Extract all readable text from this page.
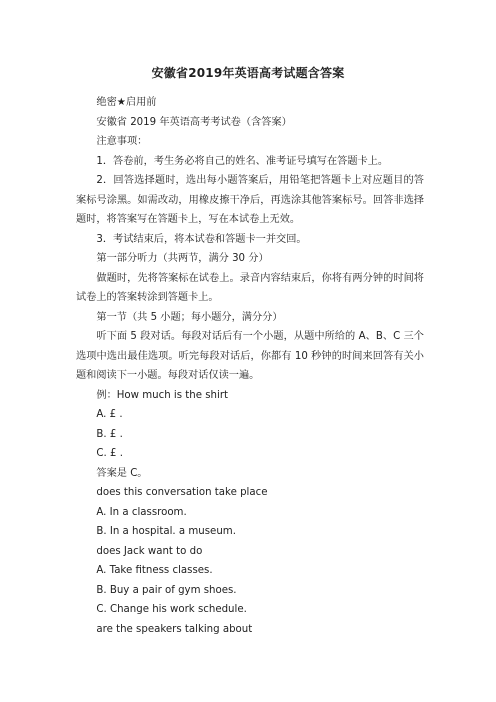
安徽省2019年英语高考试题含答案

绝密★启用前

安徽省 2019 年英语高考考试卷（含答案）

注意事项：

1．答卷前，考生务必将自己的姓名、准考证号填写在答题卡上。

2．回答选择题时，选出每小题答案后，用铅笔把答题卡上对应题目的答案标号涂黑。如需改动，用橡皮擦干净后，再选涂其他答案标号。回答非选择题时，将答案写在答题卡上，写在本试卷上无效。

3．考试结束后，将本试卷和答题卡一并交回。

第一部分听力（共两节，满分 30 分）

做题时，先将答案标在试卷上。录音内容结束后，你将有两分钟的时间将试卷上的答案转涂到答题卡上。

第一节（共 5 小题；每小题分，满分分）

听下面 5 段对话。每段对话后有一个小题，从题中所给的 A、B、C 三个选项中选出最佳选项。听完每段对话后，你都有 10 秒钟的时间来回答有关小题和阅读下一小题。每段对话仅读一遍。

例：How much is the shirt

A. £ .

B. £ .

C. £ .

答案是 C。

does this conversation take place

A. In a classroom.

B. In a hospital. a museum.

does Jack want to do

A. Take fitness classes.

B. Buy a pair of gym shoes.

C. Change his work schedule.

are the speakers talking about
